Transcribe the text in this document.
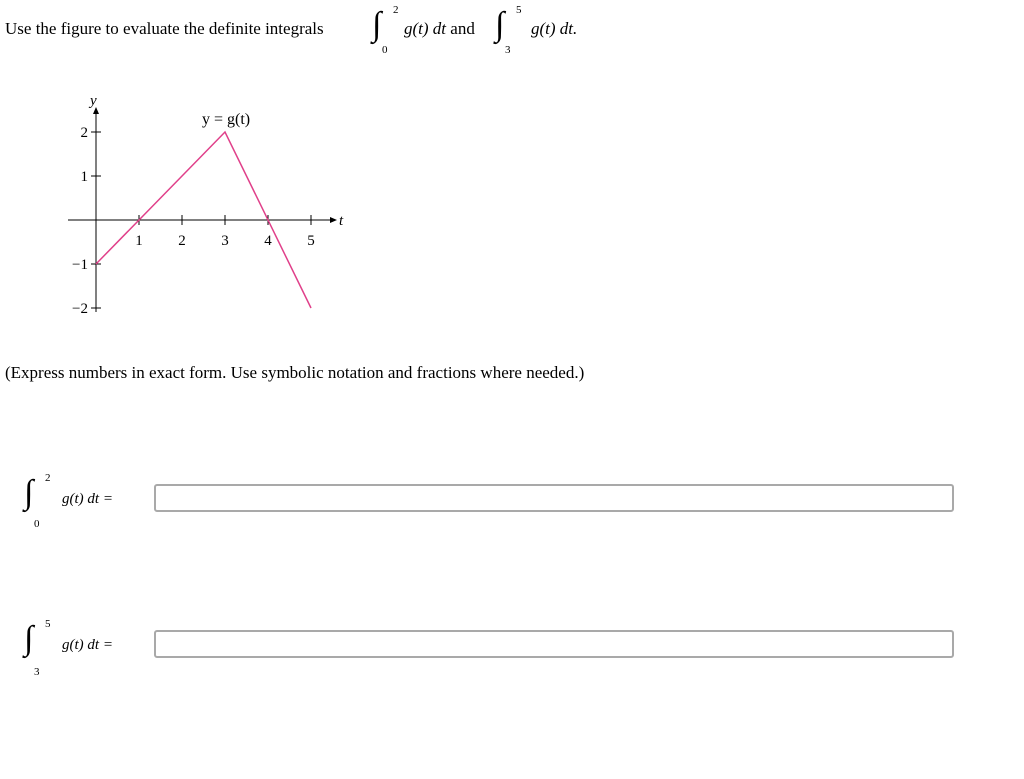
Use the figure to evaluate the definite integrals ∫ 2
0
g(t) dt and ∫ 5
3
g(t) dt.
2
1
−1
−2
1 2 3 4 5
y
t
y = g(t)
(Express numbers in exact form. Use symbolic notation and fractions where needed.)
∫ 2
0
g(t) dt =
∫ 5
3
g(t) dt =
